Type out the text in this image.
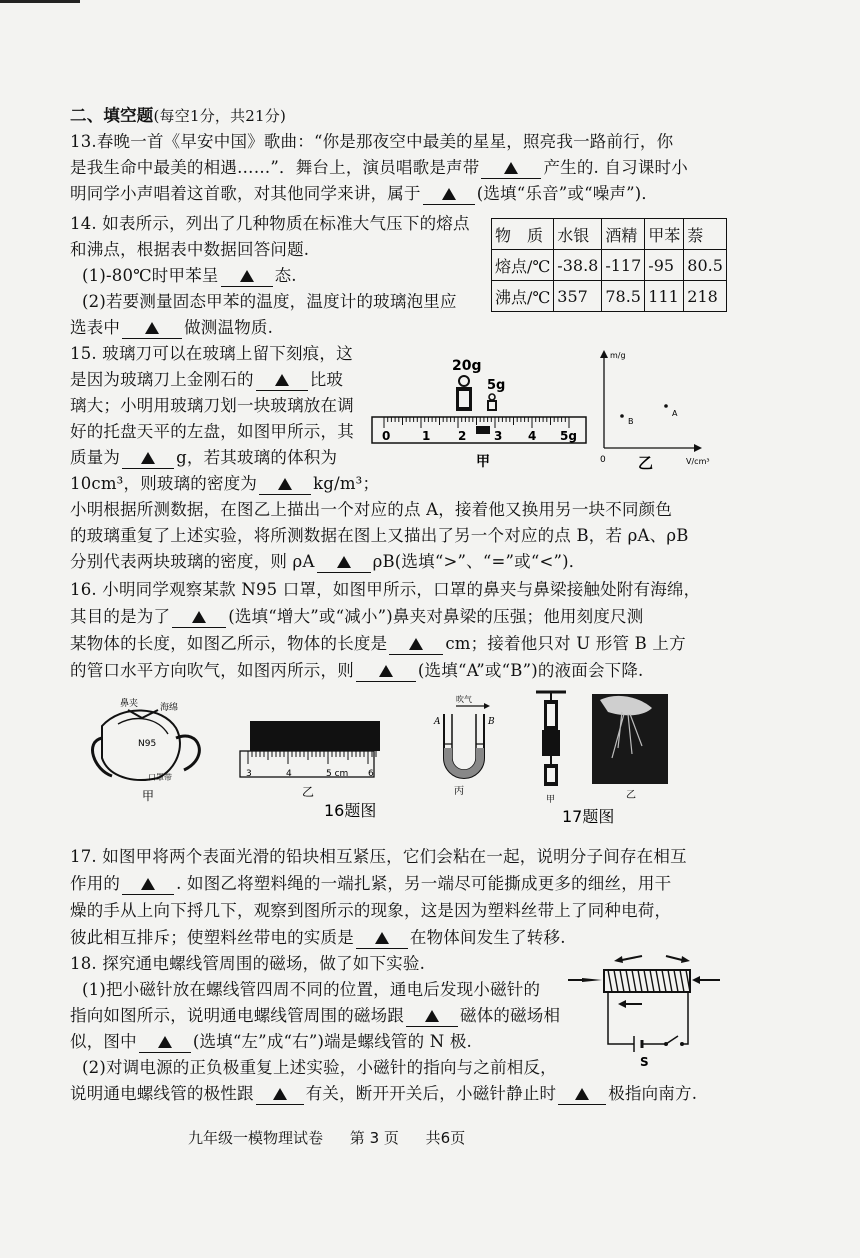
二、填空题(每空1分，共21分)
13.春晚一首《早安中国》歌曲：“你是那夜空中最美的星星，照亮我一路前行，你
是我生命中最美的相遇……”．舞台上，演员唱歌是声带	产生的. 自习课时小
明同学小声唱着这首歌，对其他同学来讲，属于	(选填“乐音”或“噪声”)．
14. 如表所示，列出了几种物质在标准大气压下的熔点
和沸点，根据表中数据回答问题.
(1)-80℃时甲苯呈	态.
(2)若要测量固态甲苯的温度，温度计的玻璃泡里应
选表中	做测温物质.
物　质	水银	酒精	甲苯	萘
熔点/℃	-38.8	-117	-95	80.5
沸点/℃	357	78.5	111	218
15. 玻璃刀可以在玻璃上留下刻痕，这
是因为玻璃刀上金刚石的	比玻
璃大；小明用玻璃刀划一块玻璃放在调
好的托盘天平的左盘，如图甲所示，其
质量为	g，若其玻璃的体积为
10cm³，则玻璃的密度为	kg/m³；
小明根据所测数据，在图乙上描出一个对应的点 A，接着他又换用另一块不同颜色
的玻璃重复了上述实验，将所测数据在图上又描出了另一个对应的点 B，若 ρA、ρB
分别代表两块玻璃的密度，则 ρA	ρB(选填“>”、“=”或“<”)．
20g
5g
0	1 2 3 4 5g
甲
m/g
V/cm³
0
B
A
乙
16. 小明同学观察某款 N95 口罩，如图甲所示，口罩的鼻夹与鼻梁接触处附有海绵，
其目的是为了	(选填“增大”或“减小”)鼻夹对鼻梁的压强；他用刻度尺测
某物体的长度，如图乙所示，物体的长度是	cm；接着他只对 U 形管 B 上方
的管口水平方向吹气，如图丙所示，则	(选填“A”或“B”)的液面会下降.
鼻夹 海绵
N95
口罩带
甲
3	4	5 cm 6
乙
16题图
吹气
A	B
丙
甲	乙
17题图
17. 如图甲将两个表面光滑的铅块相互紧压，它们会粘在一起，说明分子间存在相互
作用的	. 如图乙将塑料绳的一端扎紧，另一端尽可能撕成更多的细丝，用干
燥的手从上向下捋几下，观察到图所示的现象，这是因为塑料丝带上了同种电荷，
彼此相互排斥；使塑料丝带电的实质是	在物体间发生了转移.
18. 探究通电螺线管周围的磁场，做了如下实验.
(1)把小磁针放在螺线管四周不同的位置，通电后发现小磁针的
指向如图所示，说明通电螺线管周围的磁场跟	磁体的磁场相
似，图中	(选填“左”成“右”)端是螺线管的 N 极.
(2)对调电源的正负极重复上述实验，小磁针的指向与之前相反，
说明通电螺线管的极性跟	有关，断开开关后，小磁针静止时	极指向南方.
S
九年级一模物理试卷 第 3 页 共6页
